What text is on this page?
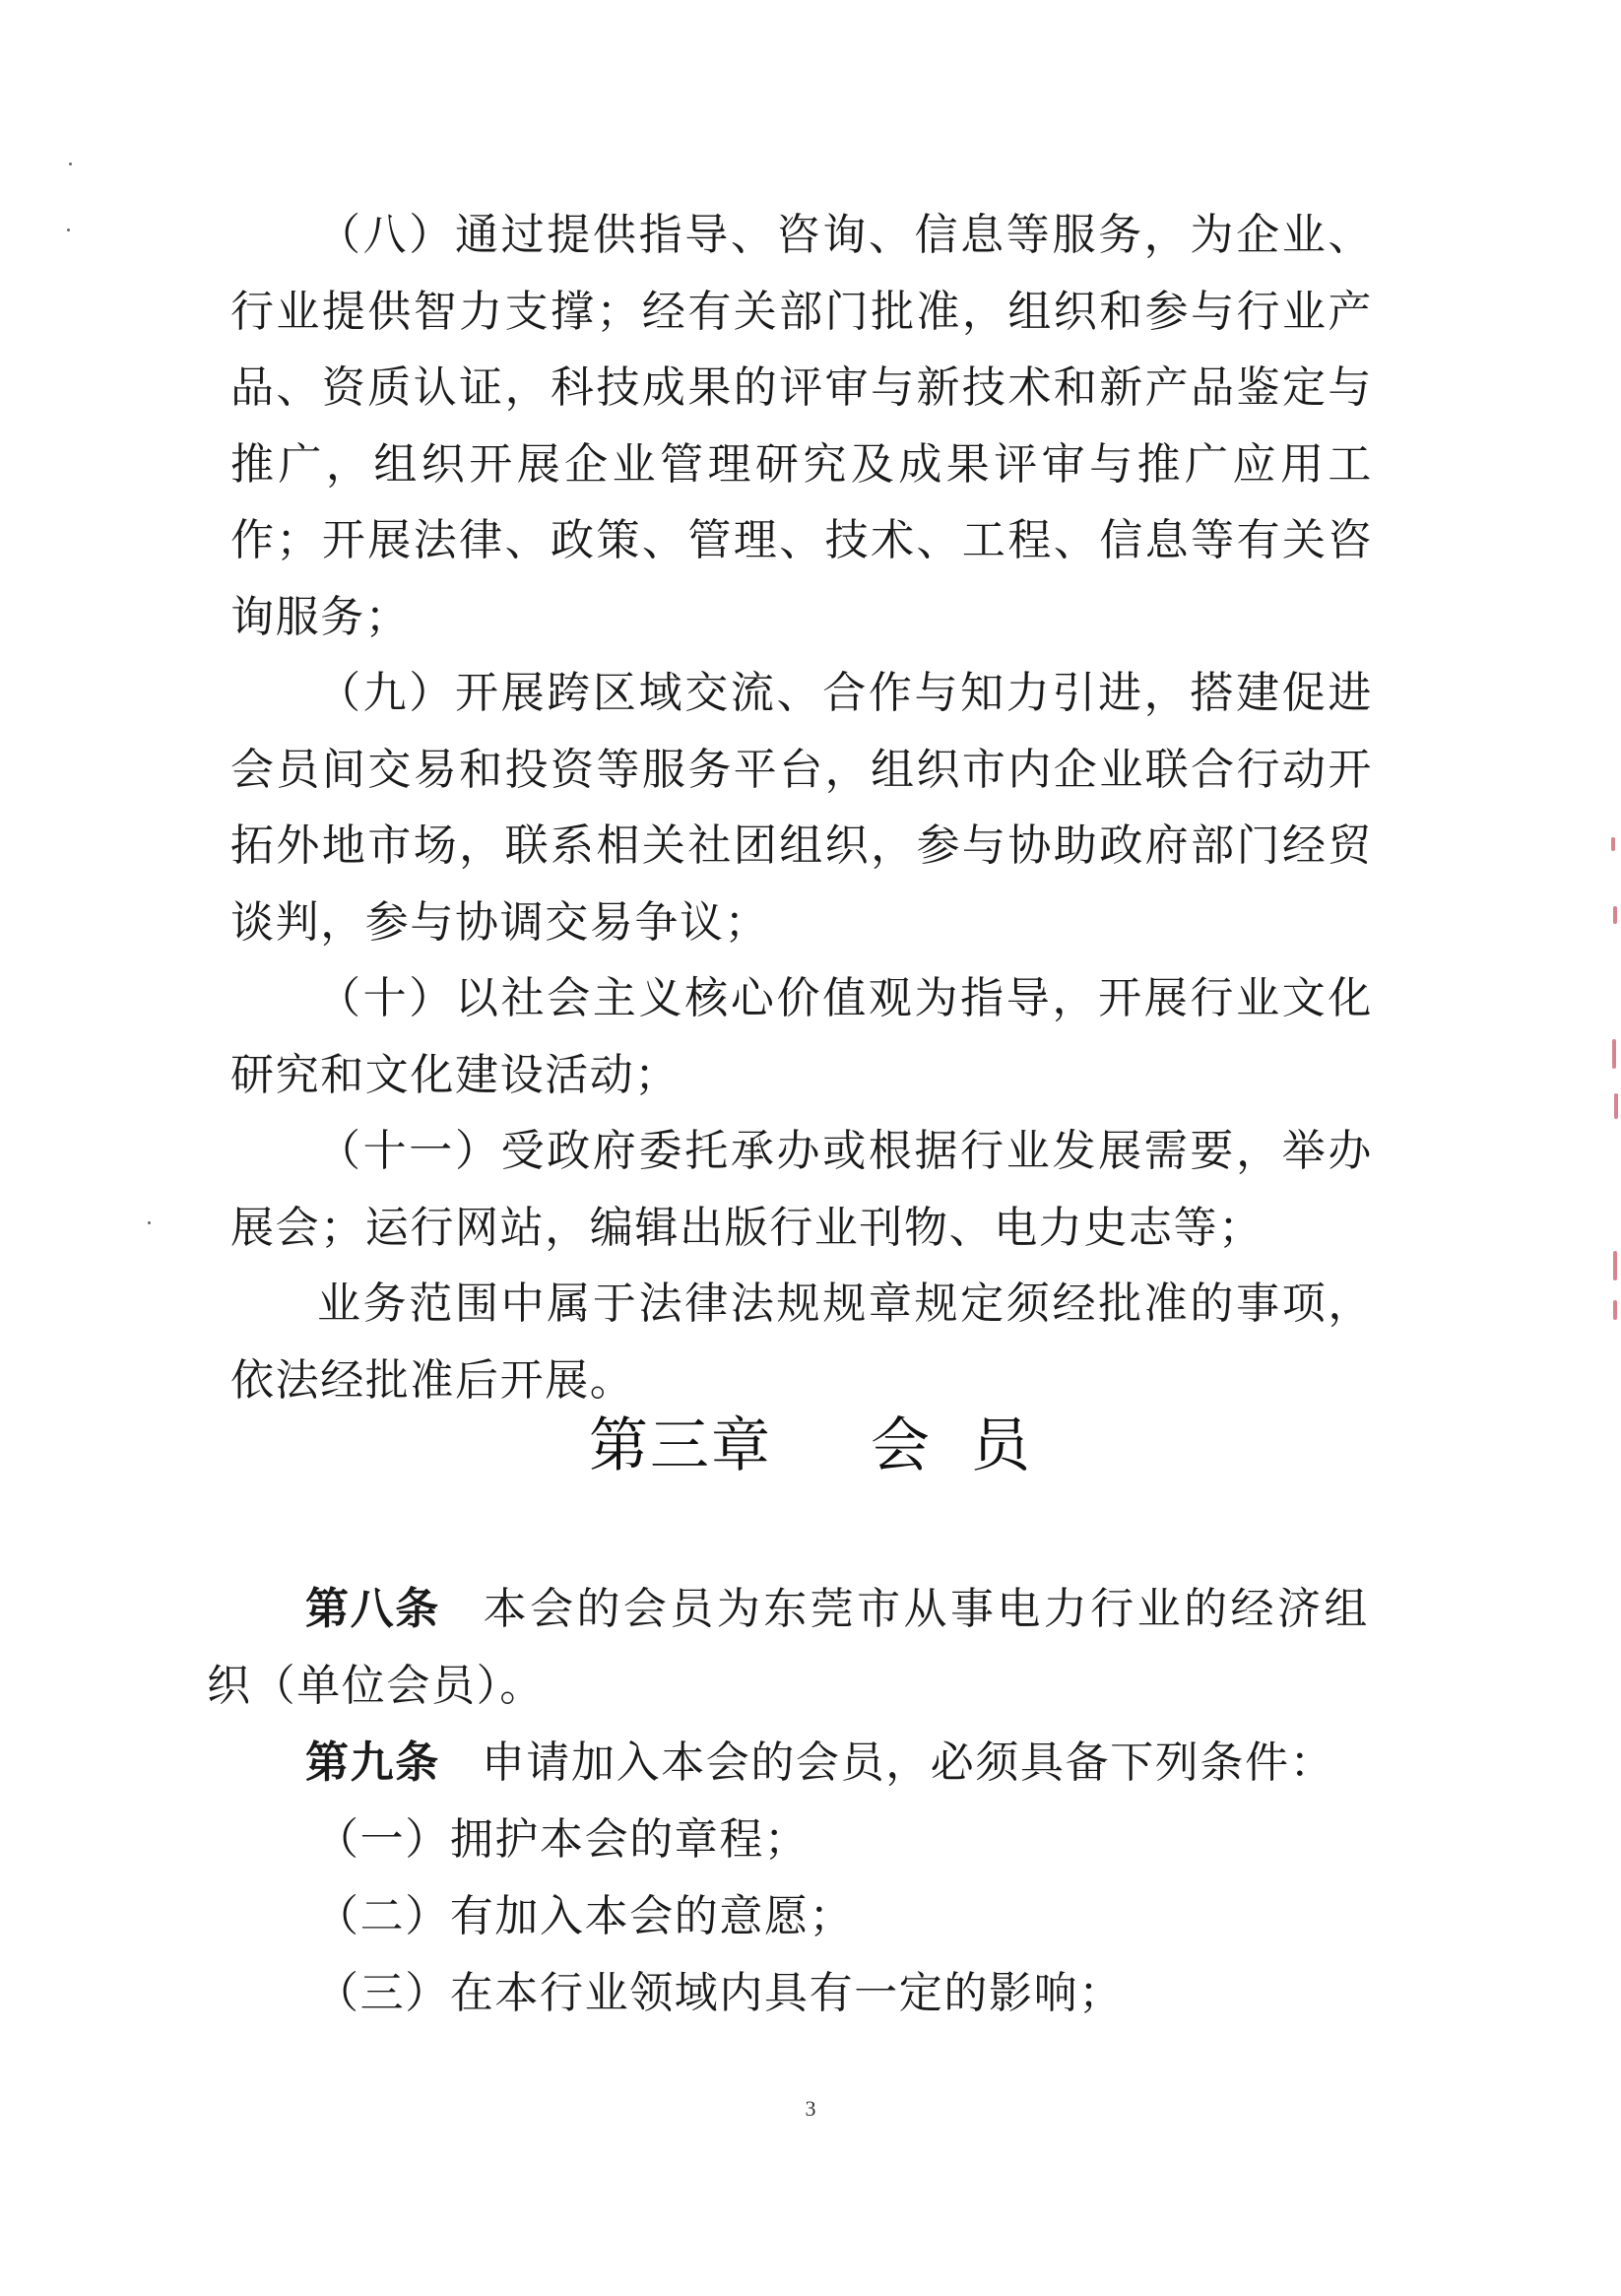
（八）通过提供指导、咨询、信息等服务，为企业、行业提供智力支撑；经有关部门批准，组织和参与行业产品、资质认证，科技成果的评审与新技术和新产品鉴定与推广，组织开展企业管理研究及成果评审与推广应用工作；开展法律、政策、管理、技术、工程、信息等有关咨询服务；

（九）开展跨区域交流、合作与知力引进，搭建促进会员间交易和投资等服务平台，组织市内企业联合行动开拓外地市场，联系相关社团组织，参与协助政府部门经贸谈判，参与协调交易争议；

（十）以社会主义核心价值观为指导，开展行业文化研究和文化建设活动；

（十一）受政府委托承办或根据行业发展需要，举办展会；运行网站，编辑出版行业刊物、电力史志等；

业务范围中属于法律法规规章规定须经批准的事项，依法经批准后开展。

第三章 会 员

第八条 本会的会员为东莞市从事电力行业的经济组织（单位会员）。

第九条 申请加入本会的会员，必须具备下列条件：

（一）拥护本会的章程；

（二）有加入本会的意愿；

（三）在本行业领域内具有一定的影响；

3
